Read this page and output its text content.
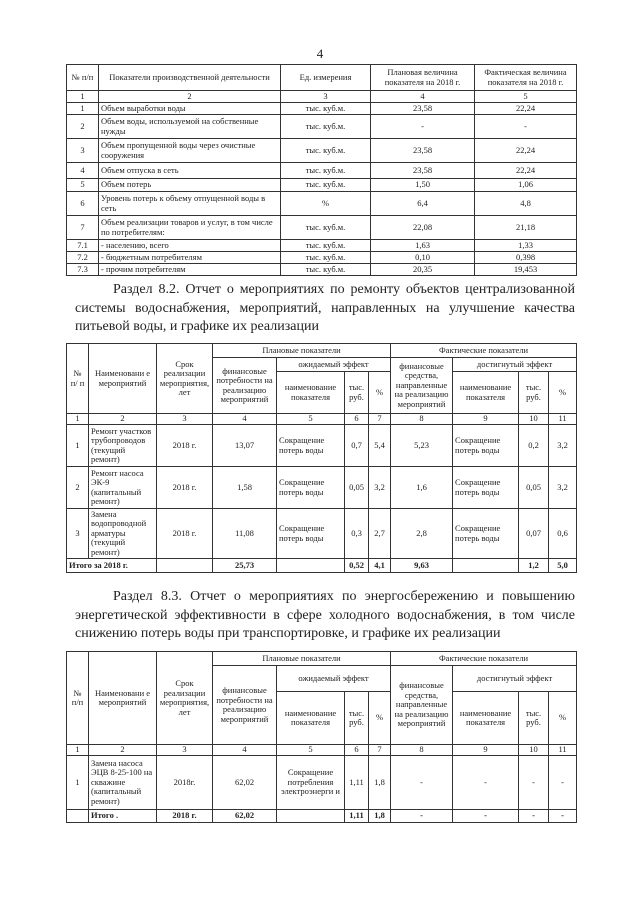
4
№ п/п	Показатели производственной деятельности	Ед. измерения	Плановая величина показателя на 2018 г.	Фактическая величина показателя на 2018 г.
1	2	3	4	5
1	Объем выработки воды	тыс. куб.м.	23,58	22,24
2	Объем воды, используемой на собственные нужды	тыс. куб.м.	-	-
3	Объем пропущенной воды через очистные сооружения	тыс. куб.м.	23,58	22,24
4	Объем отпуска в сеть	тыс. куб.м.	23,58	22,24
5	Объем потерь	тыс. куб.м.	1,50	1,06
6	Уровень потерь к объему отпущенной воды в сеть	%	6,4	4,8
7	Объем реализации товаров и услуг, в том числе по потребителям:	тыс. куб.м.	22,08	21,18
7.1	- населению, всего	тыс. куб.м.	1,63	1,33
7.2	- бюджетным потребителям	тыс. куб.м.	0,10	0,398
7.3	- прочим потребителям	тыс. куб.м.	20,35	19,453

Раздел 8.2. Отчет о мероприятиях по ремонту объектов централизованной системы водоснабжения, мероприятий, направленных на улучшение качества питьевой воды, и графике их реализации

№ п/ п	Наименовани е мероприятий	Срок реализации мероприятия, лет	Плановые показатели				Фактические показатели			
			финансовые потребности на реализацию мероприятий	ожидаемый эффект			финансовые средства, направленные на реализацию мероприятий	достигнутый эффект		
				наименование показателя	тыс. руб.	%		наименование показателя	тыс. руб.	%
1	2	3	4	5	6	7	8	9	10	11
1	Ремонт участков трубопроводов (текущий ремонт)	2018 г.	13,07	Сокращение потерь воды	0,7	5,4	5,23	Сокращение потерь воды	0,2	3,2
2	Ремонт насоса ЭК-9 (капитальный ремонт)	2018 г.	1,58	Сокращение потерь воды	0,05	3,2	1,6	Сокращение потерь воды	0,05	3,2
3	Замена водопроводной арматуры (текущий ремонт)	2018 г.	11,08	Сокращение потерь воды	0,3	2,7	2,8	Сокращение потерь воды	0,07	0,6
Итого за 2018 г.			25,73		0,52	4,1	9,63		1,2	5,0

Раздел 8.3. Отчет о мероприятиях по энергосбережению и повышению энергетической эффективности в сфере холодного водоснабжения, в том числе снижению потерь воды при транспортировке, и графике их реализации

№ п/п	Наименовани е мероприятий	Срок реализации мероприятия, лет	Плановые показатели				Фактические показатели			
			финансовые потребности на реализацию мероприятий	ожидаемый эффект			финансовые средства, направленные на реализацию мероприятий	достигнутый эффект		
				наименование показателя	тыс. руб.	%		наименование показателя	тыс. руб.	%
1	2	3	4	5	6	7	8	9	10	11
1	Замена насоса ЭЦВ 8-25-100 на скважине (капитальный ремонт)	2018г.	62,02	Сокращение потребления электроэнерги и	1,11	1,8	-	-	-	-
	Итого .	2018 г.	62,02		1,11	1,8	-	-	-	-
